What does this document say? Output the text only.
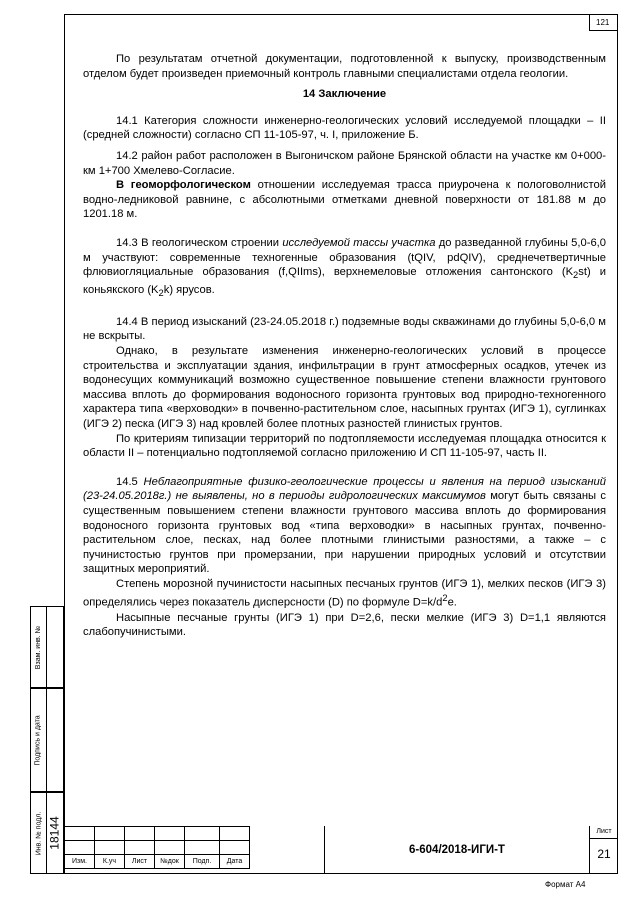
121

По результатам отчетной документации, подготовленной к выпуску, производственным отделом будет произведен приемочный контроль главными специалистами отдела геологии.

14 Заключение

14.1 Категория сложности инженерно-геологических условий исследуемой площадки – II (средней сложности) согласно СП 11-105-97, ч. I, приложение Б.

14.2 район работ расположен в Выгоничском районе Брянской области на участке км 0+000-км 1+700 Хмелево-Согласие.

В геоморфологическом отношении исследуемая трасса приурочена к пологоволнистой водно-ледниковой равнине, с абсолютными отметками дневной поверхности от 181.88 м до 1201.18 м.

14.3 В геологическом строении исследуемой тассы участка до разведанной глубины 5,0-6,0 м участвуют: современные техногенные образования (tQIV, pdQIV), среднечетвертичные флювиогляциальные образования (f,QIIms), верхнемеловые отложения сантонского $(K_2st)$ и коньякского $(K_2k)$ ярусов.

14.4 В период изысканий (23-24.05.2018 г.) подземные воды скважинами до глубины 5,0-6,0 м не вскрыты.

Однако, в результате изменения инженерно-геологических условий в процессе строительства и эксплуатации здания, инфильтрации в грунт атмосферных осадков, утечек из водонесущих коммуникаций возможно существенное повышение степени влажности грунтового массива вплоть до формирования водоносного горизонта грунтовых вод природно-техногенного характера типа «верховодки» в почвенно-растительном слое, насыпных грунтах (ИГЭ 1), суглинках (ИГЭ 2) песка (ИГЭ 3) над кровлей более плотных разностей глинистых грунтов.

По критериям типизации территорий по подтопляемости исследуемая площадка относится к области II – потенциально подтопляемой согласно приложению И СП 11-105-97, часть II.

14.5 Неблагоприятные физико-геологические процессы и явления на период изысканий (23-24.05.2018г.) не выявлены, но в периоды гидрологических максимумов могут быть связаны с существенным повышением степени влажности грунтового массива вплоть до формирования водоносного горизонта грунтовых вод «типа верховодки» в насыпных грунтах, почвенно-растительном слое, песках, над более плотными глинистыми разностями, а также – с пучинистостью грунтов при промерзании, при нарушении природных условий и отсутствии защитных мероприятий.

Степень морозной пучинистости насыпных песчаных грунтов (ИГЭ 1), мелких песков (ИГЭ 3) определялись через показатель дисперсности (D) по формуле $D=k/d^2e$.

Насыпные песчаные грунты (ИГЭ 1) при D=2,6, пески мелкие (ИГЭ 3) D=1,1 являются слабопучинистыми.

Взам. инв. №
Подпись и дата
Инв. № подл. 18144

Изм.	К.уч	Лист	№док	Подп.	Дата
6-604/2018-ИГИ-Т
Лист
21
Формат А4
